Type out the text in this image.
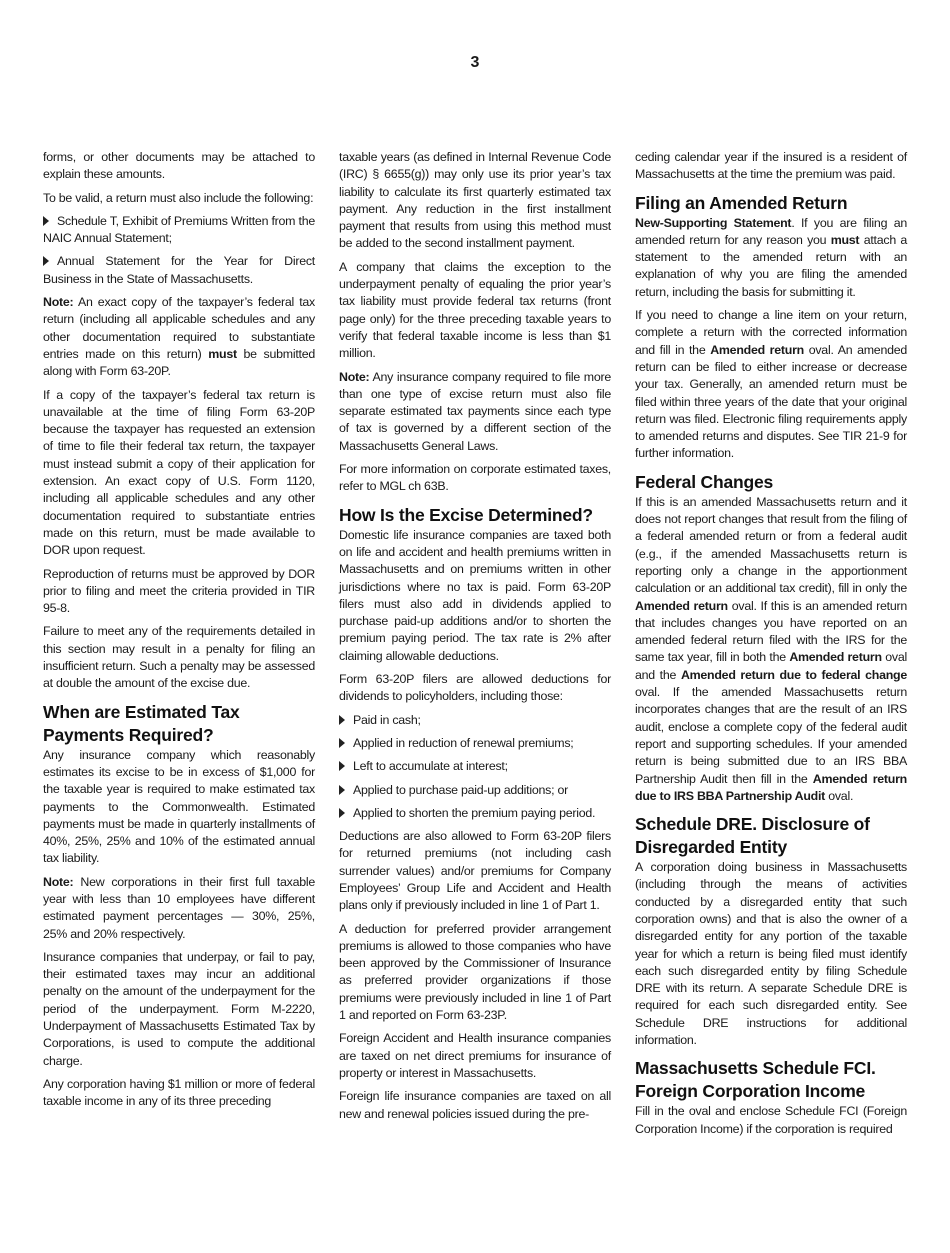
3

forms, or other documents may be attached to explain these amounts.

To be valid, a return must also include the following:

Schedule T, Exhibit of Premiums Written from the NAIC Annual Statement;
Annual Statement for the Year for Direct Business in the State of Massachusetts.

Note: An exact copy of the taxpayer’s federal tax return (including all applicable schedules and any other documentation required to substantiate entries made on this return) must be submitted along with Form 63-20P.

If a copy of the taxpayer’s federal tax return is unavailable at the time of filing Form 63-20P because the taxpayer has requested an extension of time to file their federal tax return, the taxpayer must instead submit a copy of their application for extension. An exact copy of U.S. Form 1120, including all applicable schedules and any other documentation required to substantiate entries made on this return, must be made available to DOR upon request.

Reproduction of returns must be approved by DOR prior to filing and meet the criteria provided in TIR 95-8.

Failure to meet any of the requirements detailed in this section may result in a penalty for filing an insufficient return. Such a penalty may be assessed at double the amount of the excise due.

When are Estimated Tax Payments Required?

Any insurance company which reasonably estimates its excise to be in excess of $1,000 for the taxable year is required to make estimated tax payments to the Commonwealth. Estimated payments must be made in quarterly installments of 40%, 25%, 25% and 10% of the estimated annual tax liability.

Note: New corporations in their first full taxable year with less than 10 employees have different estimated payment percentages — 30%, 25%, 25% and 20% respectively.

Insurance companies that underpay, or fail to pay, their estimated taxes may incur an additional penalty on the amount of the underpayment for the period of the underpayment. Form M-2220, Underpayment of Massachusetts Estimated Tax by Corporations, is used to compute the additional charge.

Any corporation having $1 million or more of federal taxable income in any of its three preceding

taxable years (as defined in Internal Revenue Code (IRC) § 6655(g)) may only use its prior year’s tax liability to calculate its first quarterly estimated tax payment. Any reduction in the first installment payment that results from using this method must be added to the second installment payment.

A company that claims the exception to the underpayment penalty of equaling the prior year’s tax liability must provide federal tax returns (front page only) for the three preceding taxable years to verify that federal taxable income is less than $1 million.

Note: Any insurance company required to file more than one type of excise return must also file separate estimated tax payments since each type of tax is governed by a different section of the Massachusetts General Laws.

For more information on corporate estimated taxes, refer to MGL ch 63B.

How Is the Excise Determined?

Domestic life insurance companies are taxed both on life and accident and health premiums written in Massachusetts and on premiums written in other jurisdictions where no tax is paid. Form 63-20P filers must also add in dividends applied to purchase paid-up additions and/or to shorten the premium paying period. The tax rate is 2% after claiming allowable deductions.

Form 63-20P filers are allowed deductions for dividends to policyholders, including those:

Paid in cash;
Applied in reduction of renewal premiums;
Left to accumulate at interest;
Applied to purchase paid-up additions; or
Applied to shorten the premium paying period.

Deductions are also allowed to Form 63-20P filers for returned premiums (not including cash surrender values) and/or premiums for Company Employees’ Group Life and Accident and Health plans only if previously included in line 1 of Part 1.

A deduction for preferred provider arrangement premiums is allowed to those companies who have been approved by the Commissioner of Insurance as preferred provider organizations if those premiums were previously included in line 1 of Part 1 and reported on Form 63-23P.

Foreign Accident and Health insurance companies are taxed on net direct premiums for insurance of property or interest in Massachusetts.

Foreign life insurance companies are taxed on all new and renewal policies issued during the pre-

ceding calendar year if the insured is a resident of Massachusetts at the time the premium was paid.

Filing an Amended Return

New-Supporting Statement. If you are filing an amended return for any reason you must attach a statement to the amended return with an explanation of why you are filing the amended return, including the basis for submitting it.

If you need to change a line item on your return, complete a return with the corrected information and fill in the Amended return oval. An amended return can be filed to either increase or decrease your tax. Generally, an amended return must be filed within three years of the date that your original return was filed. Electronic filing requirements apply to amended returns and disputes. See TIR 21-9 for further information.

Federal Changes

If this is an amended Massachusetts return and it does not report changes that result from the filing of a federal amended return or from a federal audit (e.g., if the amended Massachusetts return is reporting only a change in the apportionment calculation or an additional tax credit), fill in only the Amended return oval. If this is an amended return that includes changes you have reported on an amended federal return filed with the IRS for the same tax year, fill in both the Amended return oval and the Amended return due to federal change oval. If the amended Massachusetts return incorporates changes that are the result of an IRS audit, enclose a complete copy of the federal audit report and supporting schedules. If your amended return is being submitted due to an IRS BBA Partnership Audit then fill in the Amended return due to IRS BBA Partnership Audit oval.

Schedule DRE. Disclosure of Disregarded Entity

A corporation doing business in Massachusetts (including through the means of activities conducted by a disregarded entity that such corporation owns) and that is also the owner of a disregarded entity for any portion of the taxable year for which a return is being filed must identify each such disregarded entity by filing Schedule DRE with its return. A separate Schedule DRE is required for each such disregarded entity. See Schedule DRE instructions for additional information.

Massachusetts Schedule FCI. Foreign Corporation Income

Fill in the oval and enclose Schedule FCI (Foreign Corporation Income) if the corporation is required
